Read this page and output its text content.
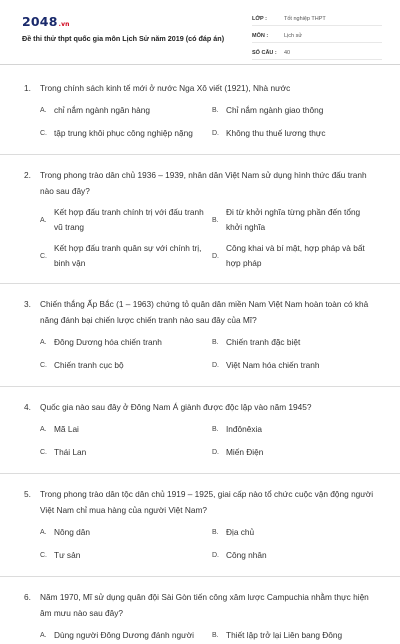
2048.vn
Đề thi thử thpt quốc gia môn Lịch Sử năm 2019 (có đáp án)
LỚP :	Tốt nghiệp THPT
MÔN :	Lịch sử
SỐ CÂU :	40
1.	Trong chính sách kinh tế mới ở nước Nga Xô viết (1921), Nhà nước
A. chỉ nắm ngành ngân hàng	B. Chỉ nắm ngành giao thông
C. tập trung khôi phục công nghiệp nặng	D. Không thu thuế lương thực
2.	Trong phong trào dân chủ 1936 – 1939, nhân dân Việt Nam sử dụng hình thức đấu tranh nào sau đây?
A.
Kết hợp đấu tranh chính trị với đấu tranh vũ trang
B.
Đi từ khởi nghĩa từng phần đến tổng khởi nghĩa
C.
Kết hợp đấu tranh quân sự với chính trị, binh vận
D.
Công khai và bí mật, hợp pháp và bất hợp pháp
3.	Chiến thắng Ấp Bắc (1 – 1963) chứng tỏ quân dân miền Nam Việt Nam hoàn toàn có khả năng đánh bại chiến lược chiến tranh nào sau đây của Mĩ?
A. Đông Dương hóa chiến tranh	B. Chiến tranh đặc biệt
C. Chiến tranh cục bộ	D. Việt Nam hóa chiến tranh
4.	Quốc gia nào sau đây ở Đông Nam Á giành được độc lập vào năm 1945?
A. Mã Lai	B. Inđônêxia
C. Thái Lan	D. Miến Điện
5.	Trong phong trào dân tộc dân chủ 1919 – 1925, giai cấp nào tổ chức cuộc vận động người Việt Nam chỉ mua hàng của người Việt Nam?
A. Nông dân	B. Địa chủ
C. Tư sản	D. Công nhân
6.	Năm 1970, Mĩ sử dụng quân đội Sài Gòn tiến công xâm lược Campuchia nhằm thực hiện âm mưu nào sau đây?
A. Dùng người Đông Dương đánh người	B. Thiết lập trở lại Liên bang Đông
